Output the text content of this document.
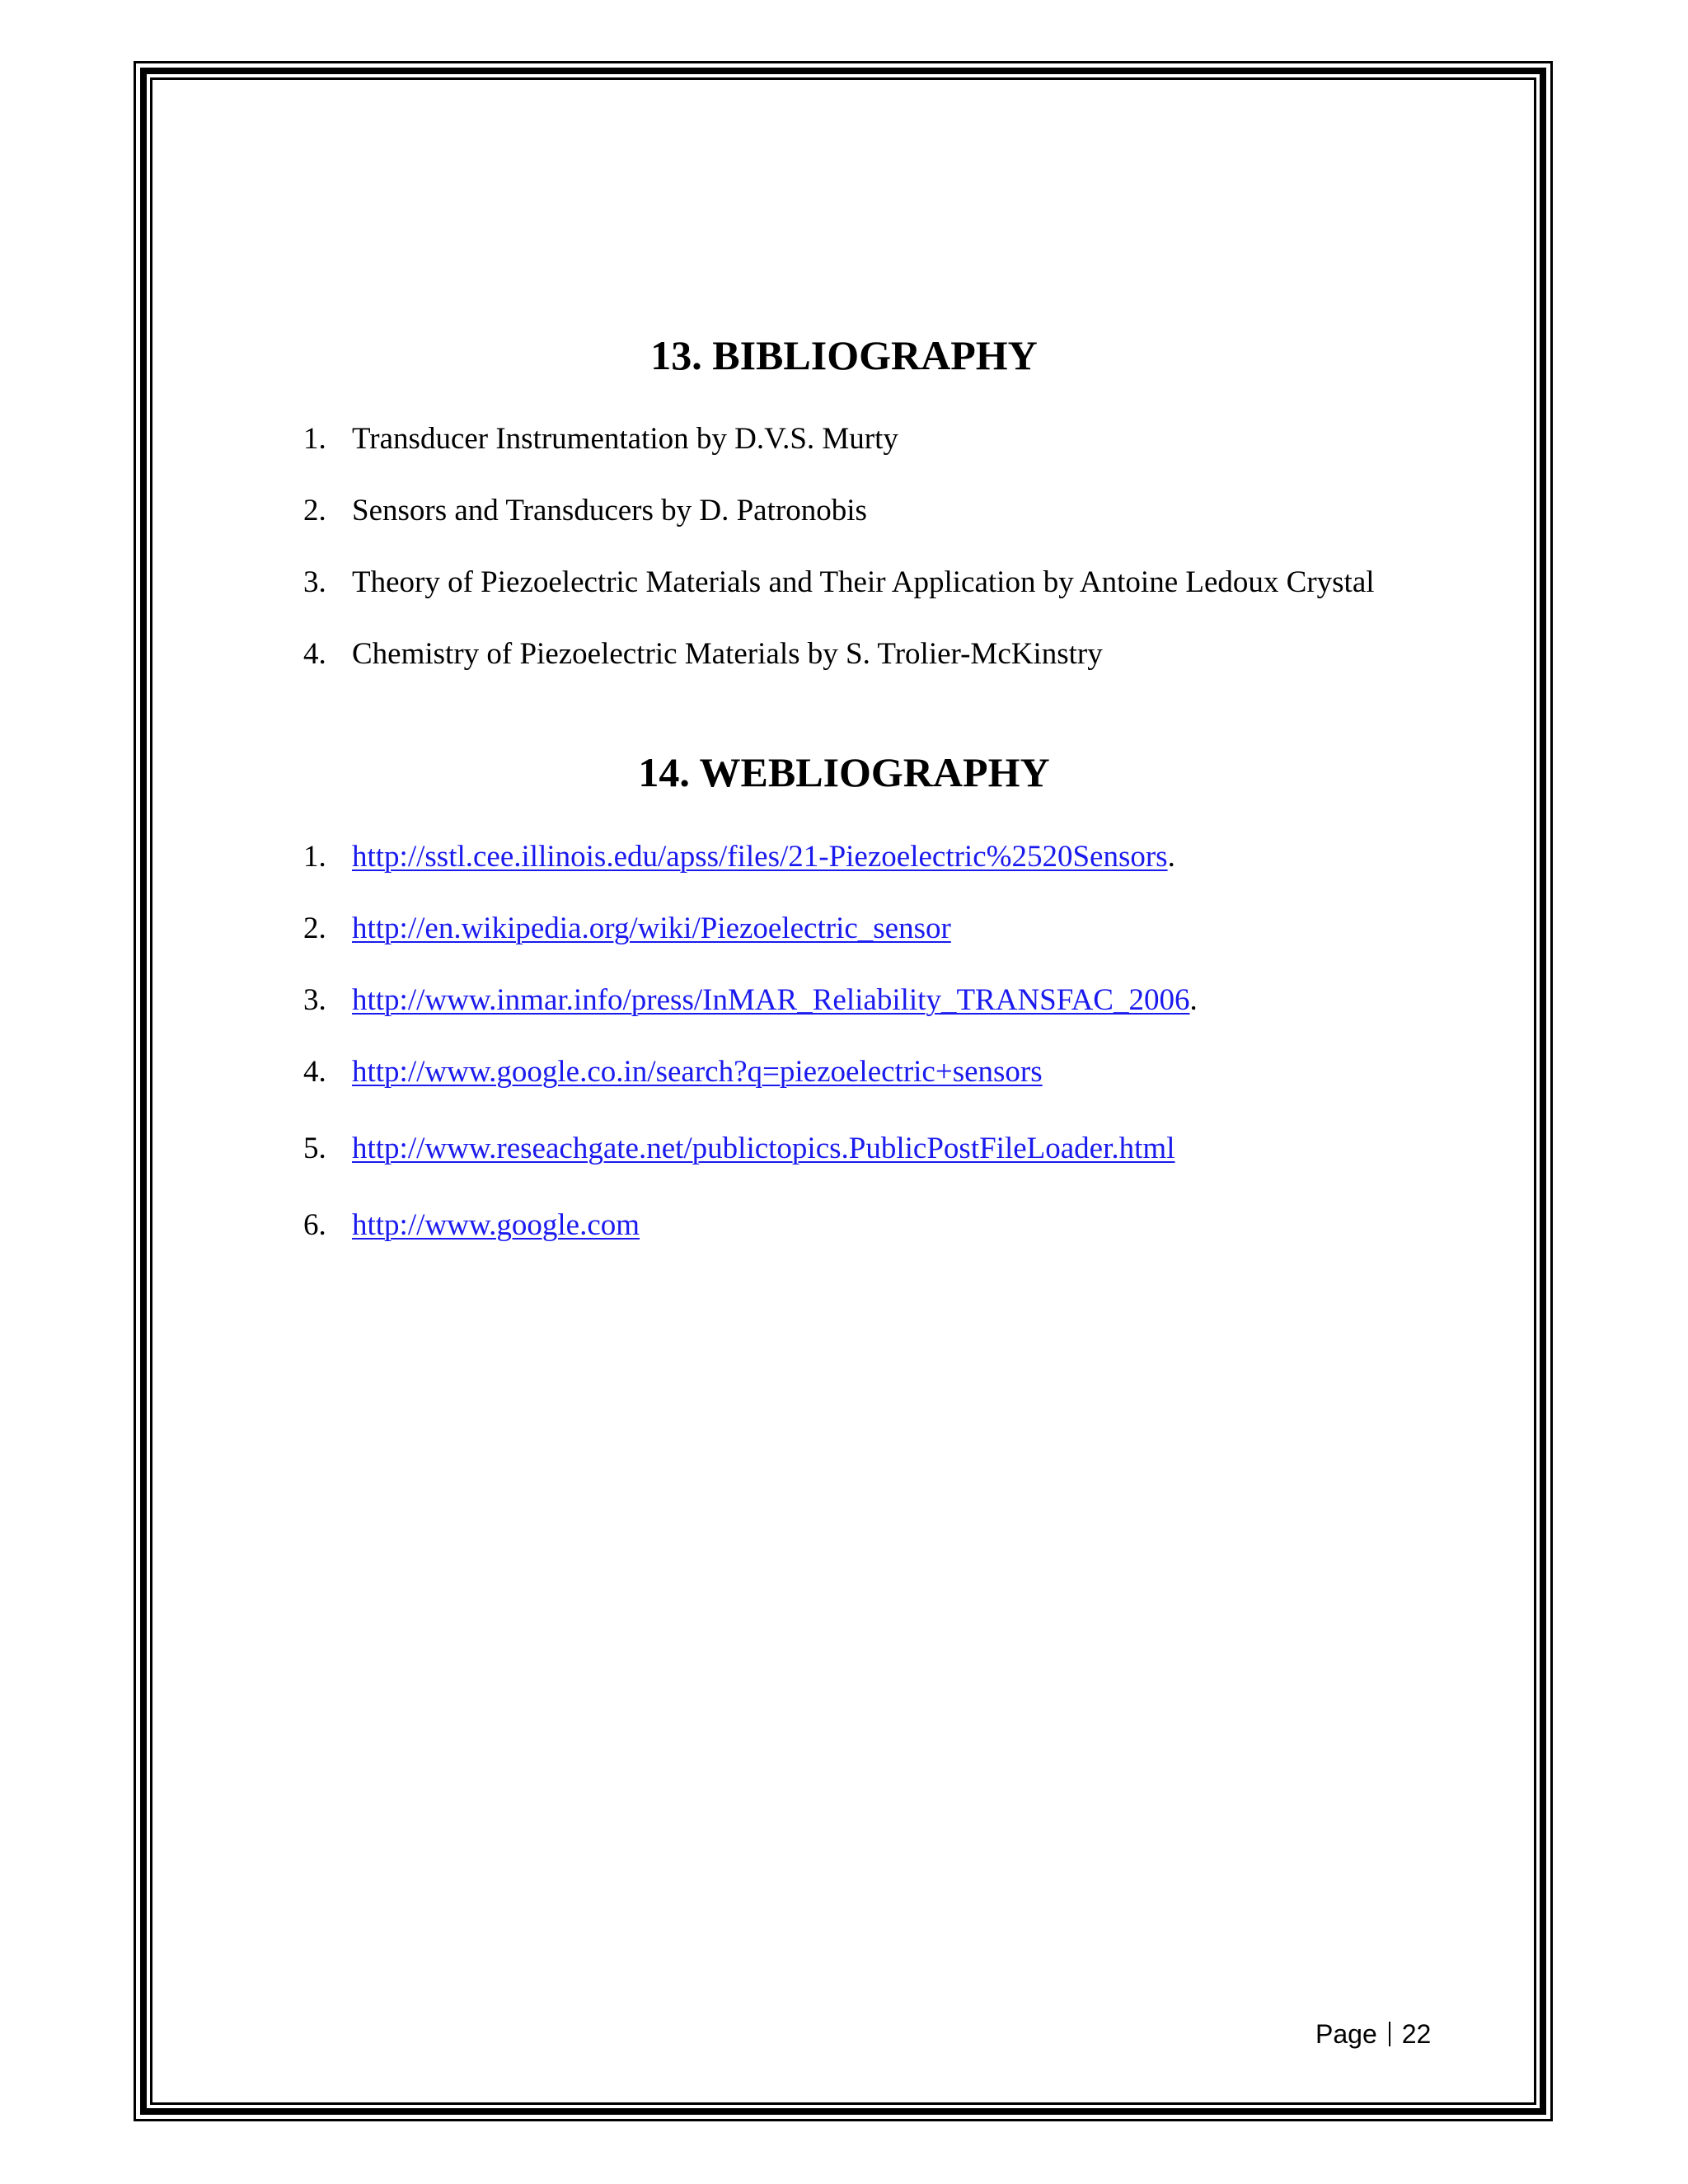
13. BIBLIOGRAPHY
1. Transducer Instrumentation by D.V.S. Murty
2. Sensors and Transducers by D. Patronobis
3. Theory of Piezoelectric Materials and Their Application by Antoine Ledoux Crystal
4. Chemistry of Piezoelectric Materials by S. Trolier-McKinstry
14. WEBLIOGRAPHY
1. http://sstl.cee.illinois.edu/apss/files/21-Piezoelectric%2520Sensors.
2. http://en.wikipedia.org/wiki/Piezoelectric_sensor
3. http://www.inmar.info/press/InMAR_Reliability_TRANSFAC_2006.
4. http://www.google.co.in/search?q=piezoelectric+sensors
5. http://www.reseachgate.net/publictopics.PublicPostFileLoader.html
6. http://www.google.com
Page 22
